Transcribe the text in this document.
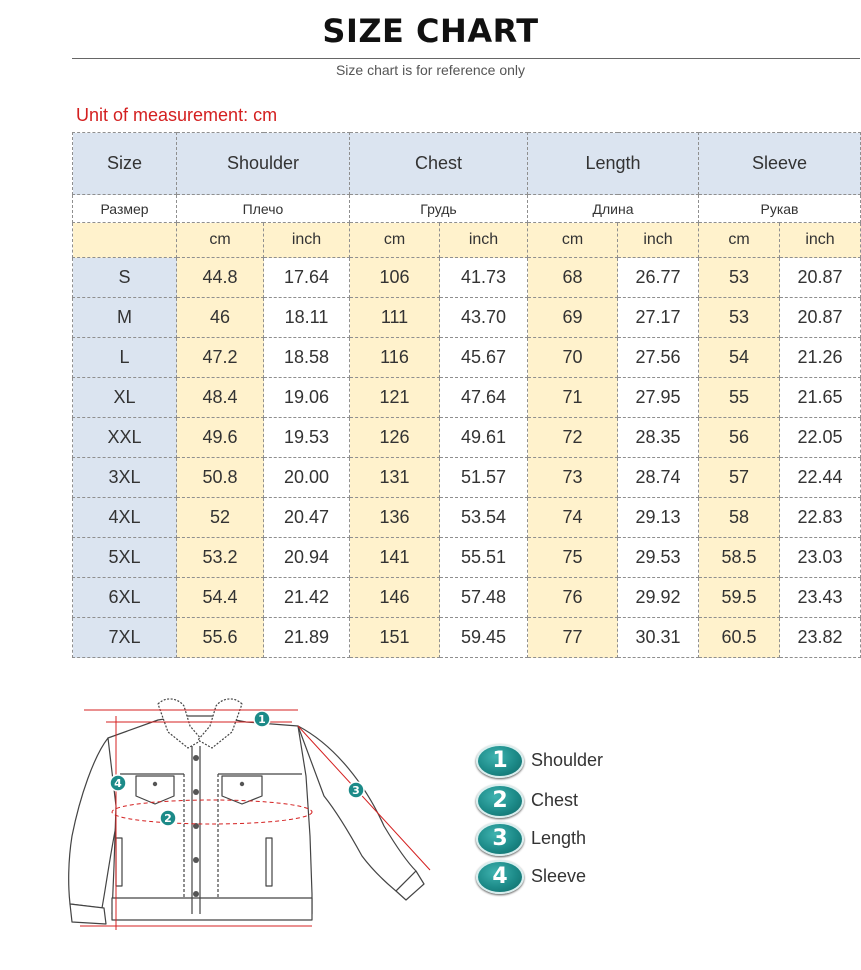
SIZE CHART
Size chart is for reference only
Unit of measurement: cm
Size	Shoulder		Chest		Length		Sleeve	
Размер	Плечо		Грудь		Длина		Рукав	
	cm	inch	cm	inch	cm	inch	cm	inch
S	44.8	17.64	106	41.73	68	26.77	53	20.87
M	46	18.11	111	43.70	69	27.17	53	20.87
L	47.2	18.58	116	45.67	70	27.56	54	21.26
XL	48.4	19.06	121	47.64	71	27.95	55	21.65
XXL	49.6	19.53	126	49.61	72	28.35	56	22.05
3XL	50.8	20.00	131	51.57	73	28.74	57	22.44
4XL	52	20.47	136	53.54	74	29.13	58	22.83
5XL	53.2	20.94	141	55.51	75	29.53	58.5	23.03
6XL	54.4	21.42	146	57.48	76	29.92	59.5	23.43
7XL	55.6	21.89	151	59.45	77	30.31	60.5	23.82
1
2
3
4
1	Shoulder
2	Chest
3	Length
4	Sleeve
